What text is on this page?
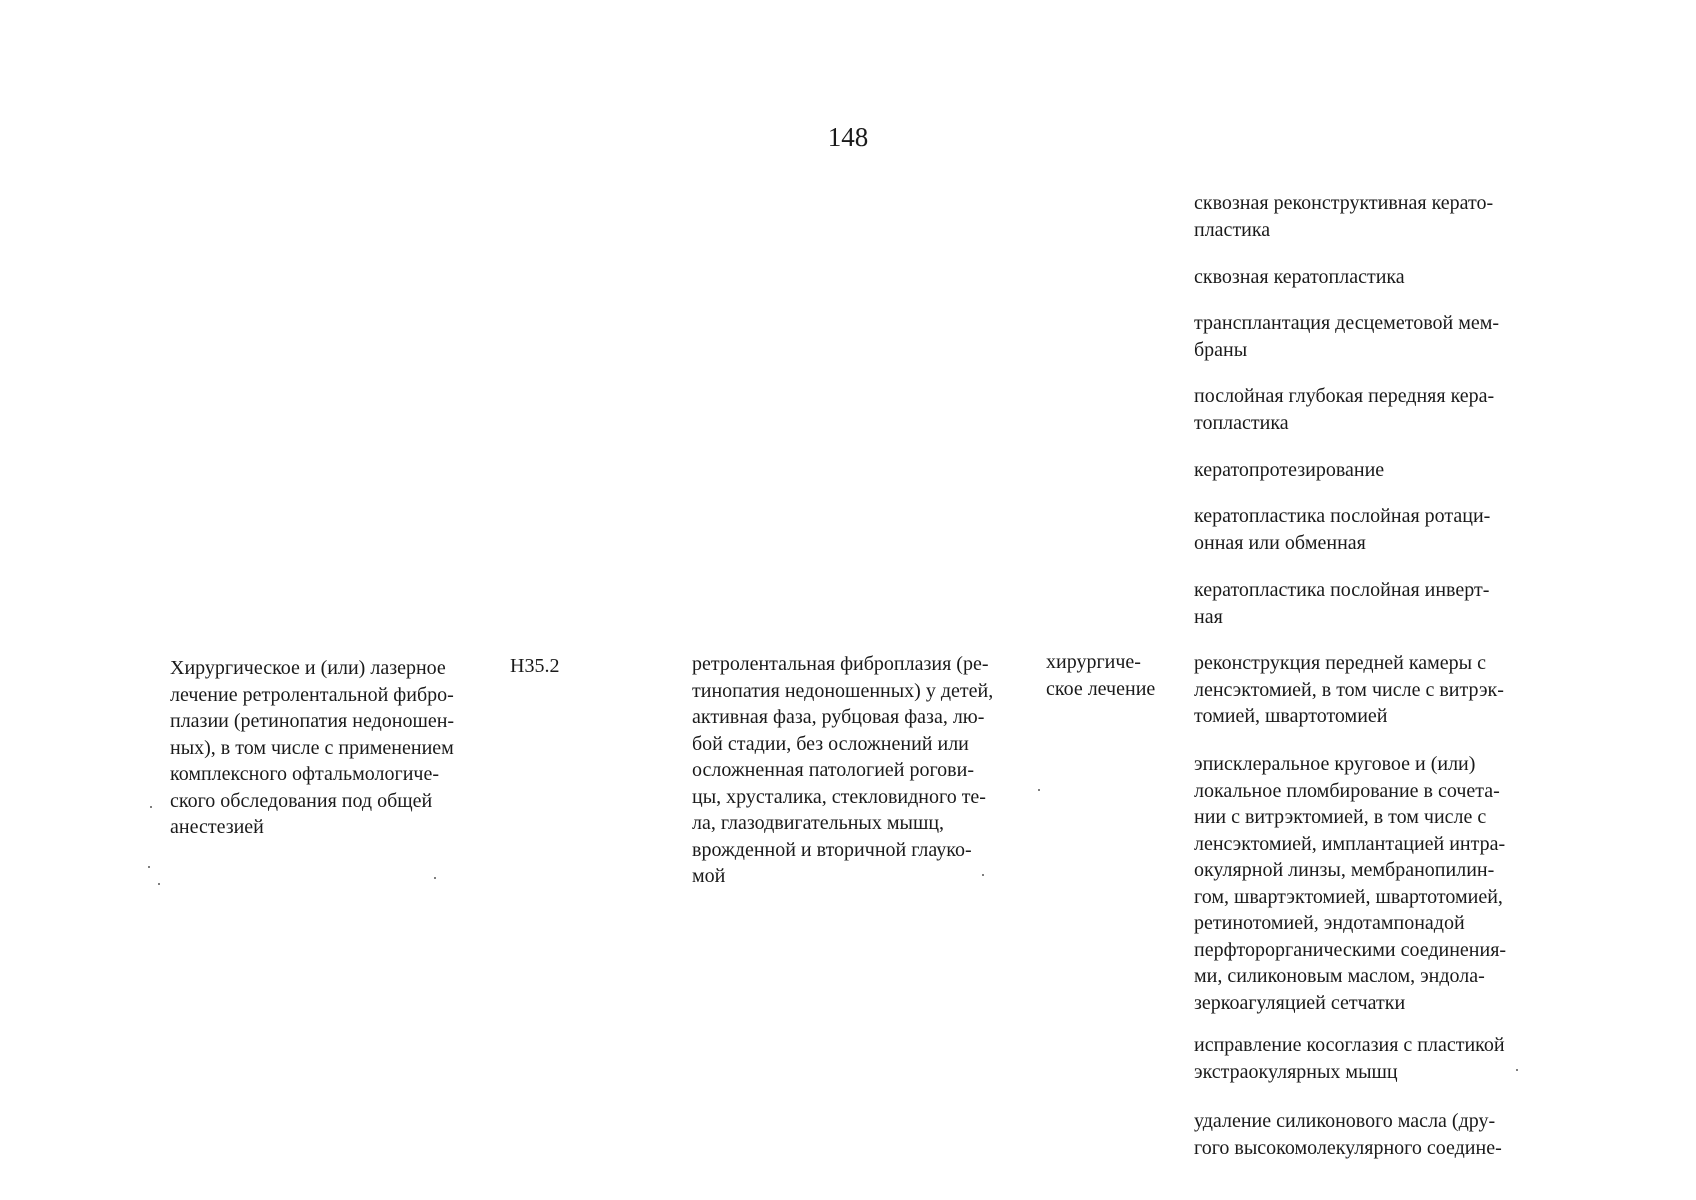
148
Хирургическое и (или) лазерное
лечение ретролентальной фибро-
плазии (ретинопатия недоношен-
ных), в том числе с применением
комплексного офтальмологиче-
ского обследования под общей
анестезией
H35.2	ретролентальная фиброплазия (ре-
тинопатия недоношенных) у детей,
активная фаза, рубцовая фаза, лю-
бой стадии, без осложнений или
осложненная патологией рогови-
цы, хрусталика, стекловидного те-
ла, глазодвигательных мышц,
врожденной и вторичной глауко-
мой
хирургиче-
ское лечение
сквозная реконструктивная керато-
пластика
сквозная кератопластика
трансплантация десцеметовой мем-
браны
послойная глубокая передняя кера-
топластика
кератопротезирование
кератопластика послойная ротаци-
онная или обменная
кератопластика послойная инверт-
ная
реконструкция передней камеры с
ленсэктомией, в том числе с витрэк-
томией, швартотомией
эписклеральное круговое и (или)
локальное пломбирование в сочета-
нии с витрэктомией, в том числе с
ленсэктомией, имплантацией интра-
окулярной линзы, мембранопилин-
гом, швартэктомией, швартотомией,
ретинотомией, эндотампонадой
перфторорганическими соединения-
ми, силиконовым маслом, эндола-
зеркоагуляцией сетчатки
исправление косоглазия с пластикой
экстраокулярных мышц
удаление силиконового масла (дру-
гого высокомолекулярного соедине-
